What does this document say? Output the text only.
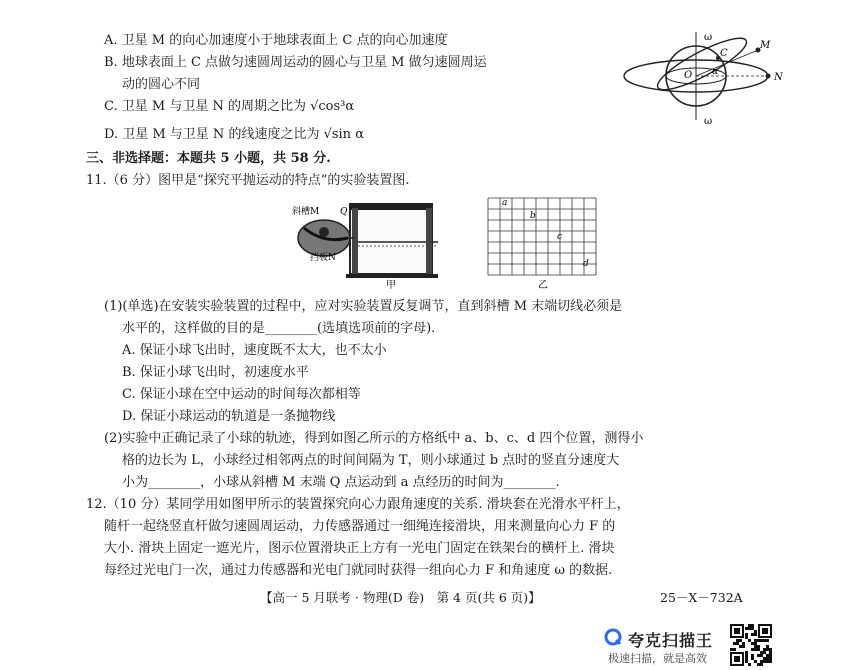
A. 卫星 M 的向心加速度小于地球表面上 C 点的向心加速度
B. 地球表面上 C 点做匀速圆周运动的圆心与卫星 M 做匀速圆周运
动的圆心不同
C. 卫星 M 与卫星 N 的周期之比为 √cos³α
D. 卫星 M 与卫星 N 的线速度之比为 √sin α
ω
ω
M
N
O
C
α
三、非选择题：本题共 5 小题，共 58 分.
11.（6 分）图甲是“探究平抛运动的特点”的实验装置图.
斜槽M Q
挡板N
甲
a
b
c
d
乙
(1)(单选)在安装实验装置的过程中，应对实验装置反复调节，直到斜槽 M 末端切线必须是
水平的，这样做的目的是________(选填选项前的字母).
A. 保证小球飞出时，速度既不太大，也不太小
B. 保证小球飞出时，初速度水平
C. 保证小球在空中运动的时间每次都相等
D. 保证小球运动的轨道是一条抛物线
(2)实验中正确记录了小球的轨迹，得到如图乙所示的方格纸中 a、b、c、d 四个位置，测得小
格的边长为 L，小球经过相邻两点的时间间隔为 T，则小球通过 b 点时的竖直分速度大
小为________，小球从斜槽 M 末端 Q 点运动到 a 点经历的时间为________.
12.（10 分）某同学用如图甲所示的装置探究向心力跟角速度的关系. 滑块套在光滑水平杆上，
随杆一起绕竖直杆做匀速圆周运动，力传感器通过一细绳连接滑块，用来测量向心力 F 的
大小. 滑块上固定一遮光片，图示位置滑块正上方有一光电门固定在铁架台的横杆上. 滑块
每经过光电门一次，通过力传感器和光电门就同时获得一组向心力 F 和角速度 ω 的数据.
【高一 5 月联考 · 物理(D 卷)　第 4 页(共 6 页)】	25－X－732A
夸克扫描王
极速扫描，就是高效
